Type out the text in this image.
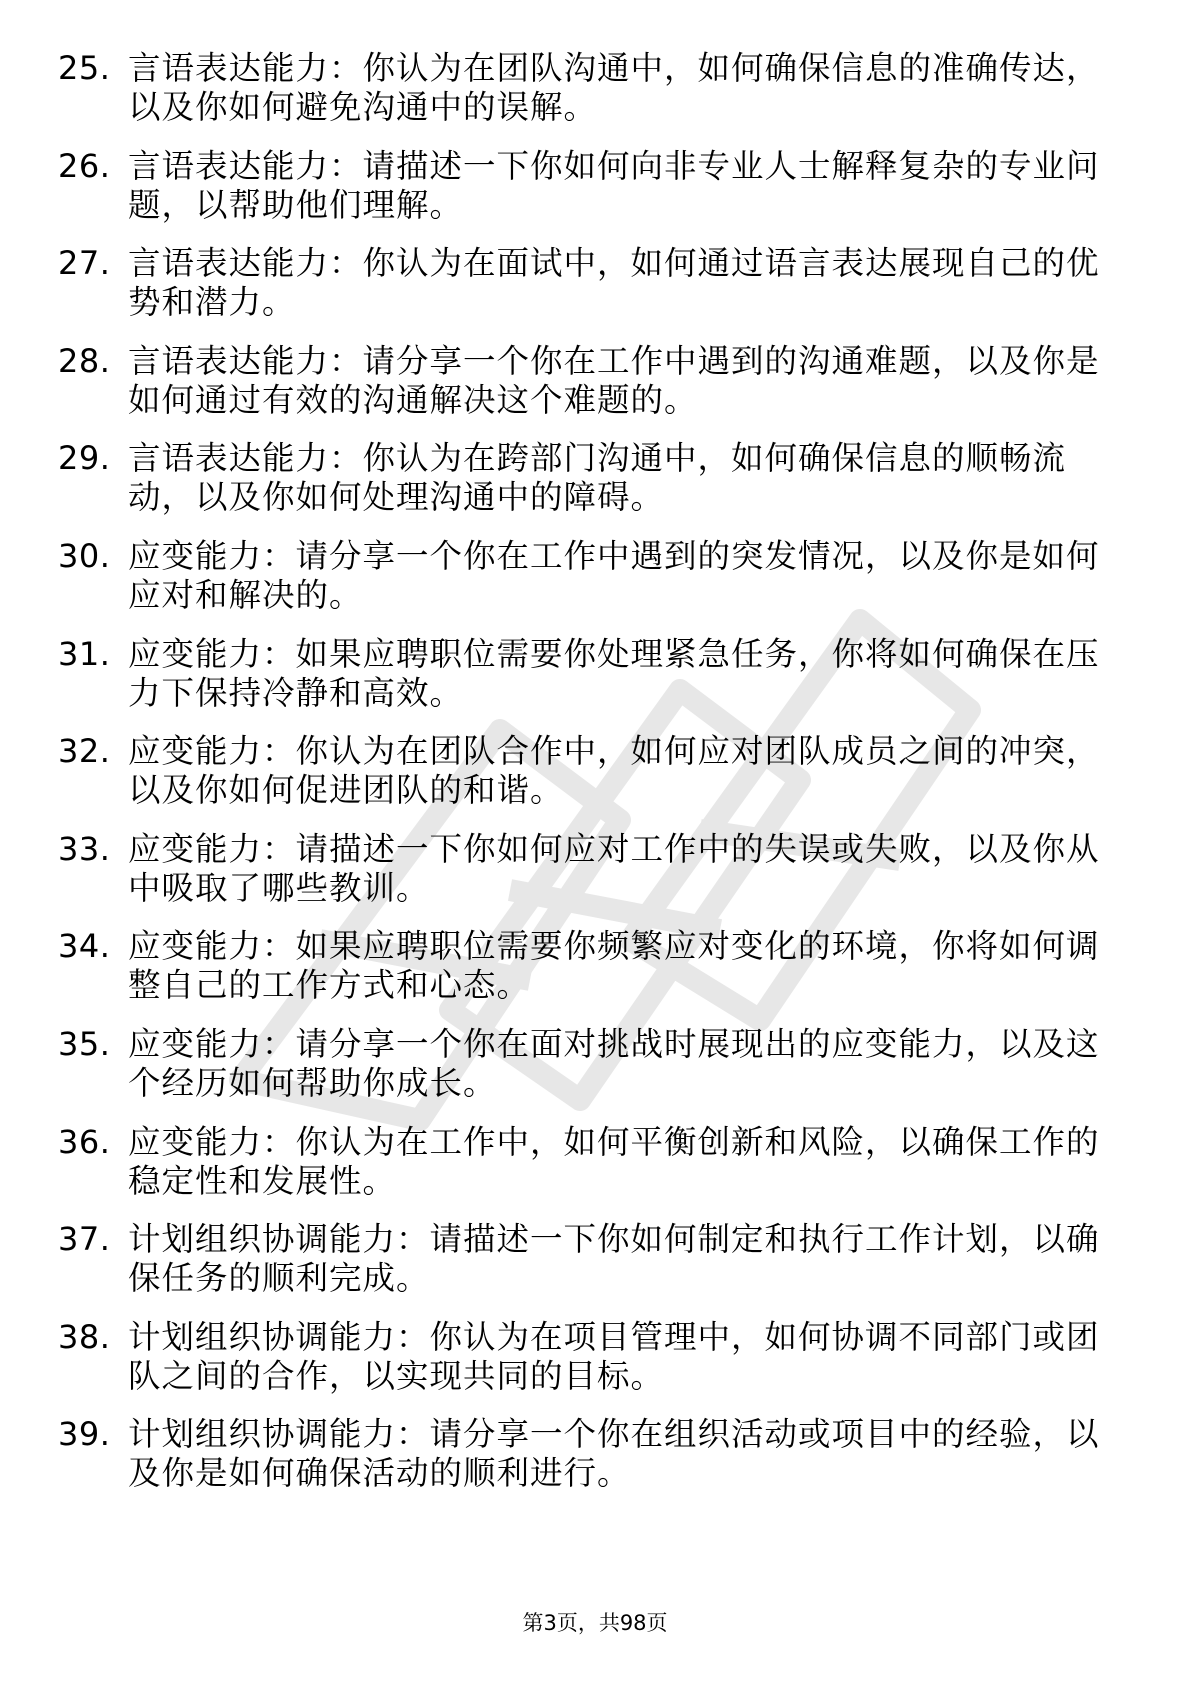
25. 言语表达能力：你认为在团队沟通中，如何确保信息的准确传达，以及你如何避免沟通中的误解。
26. 言语表达能力：请描述一下你如何向非专业人士解释复杂的专业问题，以帮助他们理解。
27. 言语表达能力：你认为在面试中，如何通过语言表达展现自己的优势和潜力。
28. 言语表达能力：请分享一个你在工作中遇到的沟通难题，以及你是如何通过有效的沟通解决这个难题的。
29. 言语表达能力：你认为在跨部门沟通中，如何确保信息的顺畅流动，以及你如何处理沟通中的障碍。
30. 应变能力：请分享一个你在工作中遇到的突发情况，以及你是如何应对和解决的。
31. 应变能力：如果应聘职位需要你处理紧急任务，你将如何确保在压力下保持冷静和高效。
32. 应变能力：你认为在团队合作中，如何应对团队成员之间的冲突，以及你如何促进团队的和谐。
33. 应变能力：请描述一下你如何应对工作中的失误或失败，以及你从中吸取了哪些教训。
34. 应变能力：如果应聘职位需要你频繁应对变化的环境，你将如何调整自己的工作方式和心态。
35. 应变能力：请分享一个你在面对挑战时展现出的应变能力，以及这个经历如何帮助你成长。
36. 应变能力：你认为在工作中，如何平衡创新和风险，以确保工作的稳定性和发展性。
37. 计划组织协调能力：请描述一下你如何制定和执行工作计划，以确保任务的顺利完成。
38. 计划组织协调能力：你认为在项目管理中，如何协调不同部门或团队之间的合作，以实现共同的目标。
39. 计划组织协调能力：请分享一个你在组织活动或项目中的经验，以及你是如何确保活动的顺利进行。
第3页，共98页
